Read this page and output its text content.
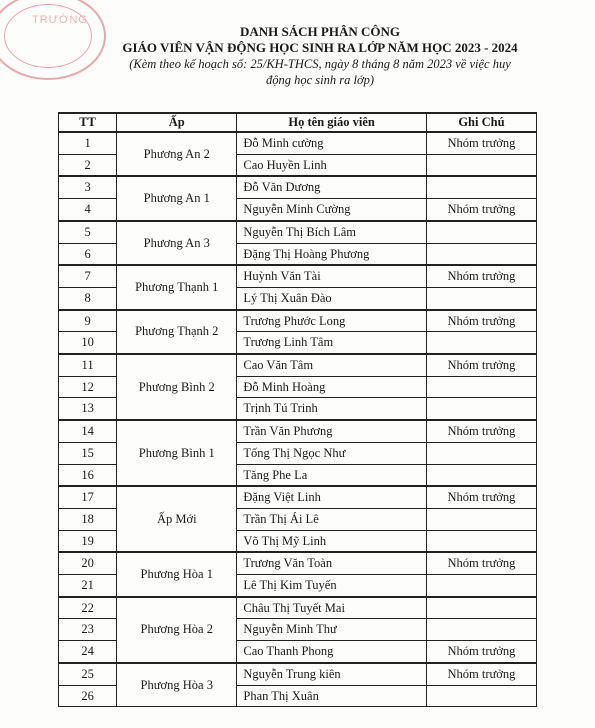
TRƯỜNG
DANH SÁCH PHÂN CÔNG
GIÁO VIÊN VẬN ĐỘNG HỌC SINH RA LỚP NĂM HỌC 2023 - 2024
(Kèm theo kế hoạch số: 25/KH-THCS, ngày 8 tháng 8 năm 2023 về việc huy
động học sinh ra lớp)
TT	Ấp	Họ tên giáo viên	Ghi Chú
1	Phương An 2	Đỗ Minh cường	Nhóm trưởng
2		Cao Huyền Linh	
3	Phương An 1	Đỗ Văn Dương	
4		Nguyễn Minh Cường	Nhóm trưởng
5	Phương An 3	Nguyễn Thị Bích Lâm	
6		Đặng Thị Hoàng Phương	
7	Phương Thạnh 1	Huỳnh Văn Tài	Nhóm trưởng
8		Lý Thị Xuân Đào	
9	Phương Thạnh 2	Trương Phước Long	Nhóm trưởng
10		Trương Linh Tâm	
11	Phương Bình 2	Cao Văn Tâm	Nhóm trưởng
12		Đỗ Minh Hoàng	
13		Trịnh Tú Trinh	
14	Phương Bình 1	Trần Văn Phương	Nhóm trưởng
15		Tống Thị Ngọc Như	
16		Tăng Phe La	
17	Ấp Mới	Đặng Việt Linh	Nhóm trưởng
18		Trần Thị Ái Lê	
19		Võ Thị Mỹ Linh	
20	Phương Hòa 1	Trương Văn Toàn	Nhóm trưởng
21		Lê Thị Kim Tuyến	
22	Phương Hòa 2	Châu Thị Tuyết Mai	
23		Nguyễn Minh Thư	
24		Cao Thanh Phong	Nhóm trưởng
25	Phương Hòa 3	Nguyễn Trung kiên	Nhóm trưởng
26		Phan Thị Xuân	
